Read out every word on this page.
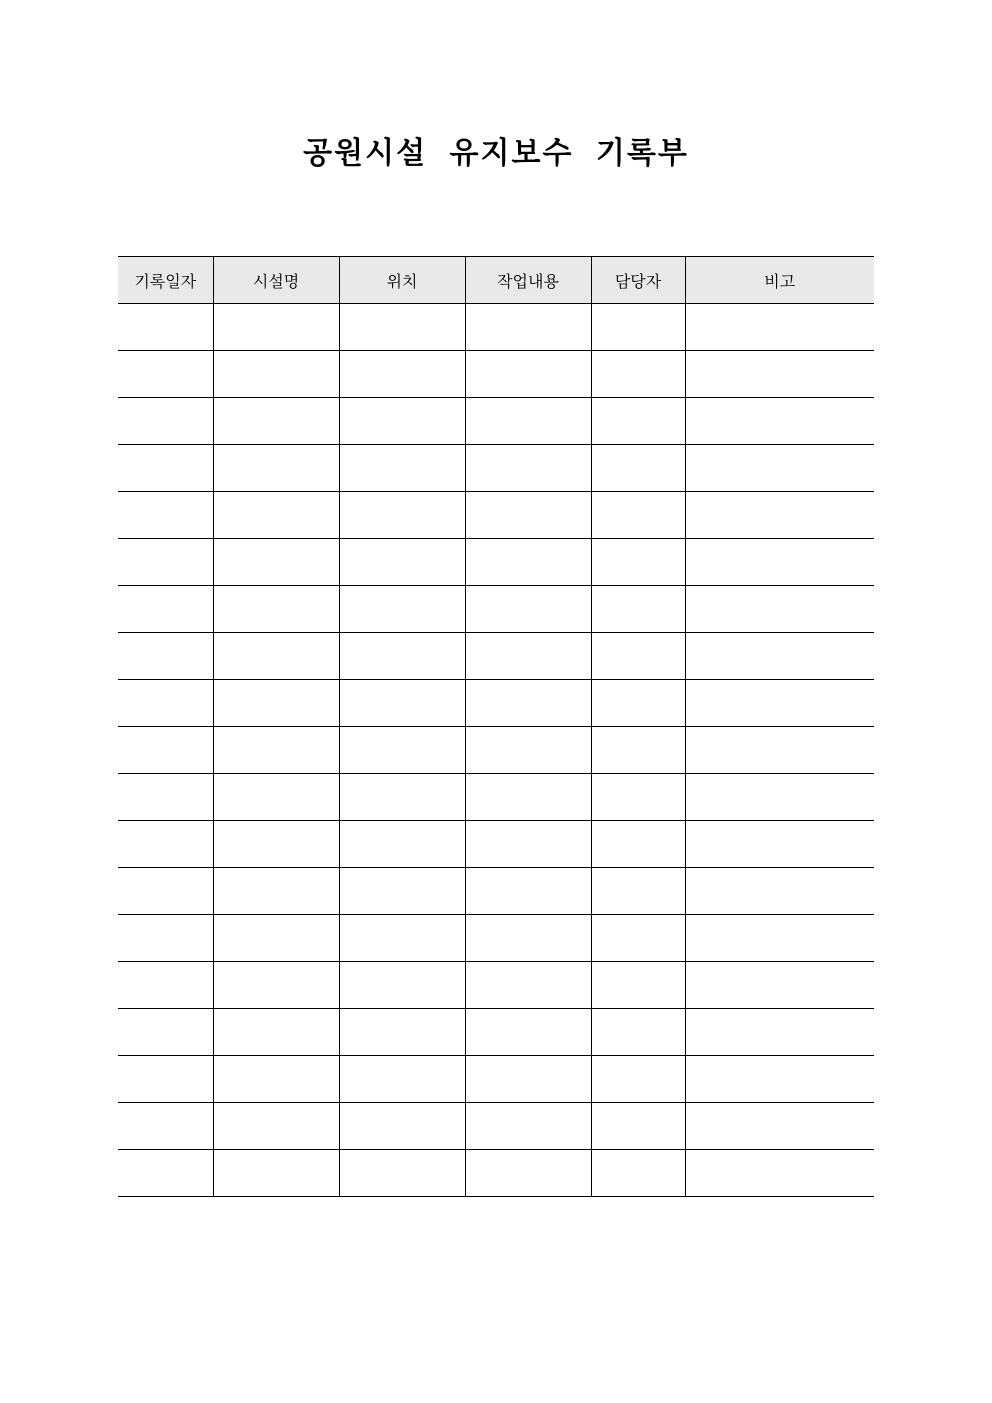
공원시설 유지보수 기록부
기록일자	시설명	위치	작업내용	담당자	비고
